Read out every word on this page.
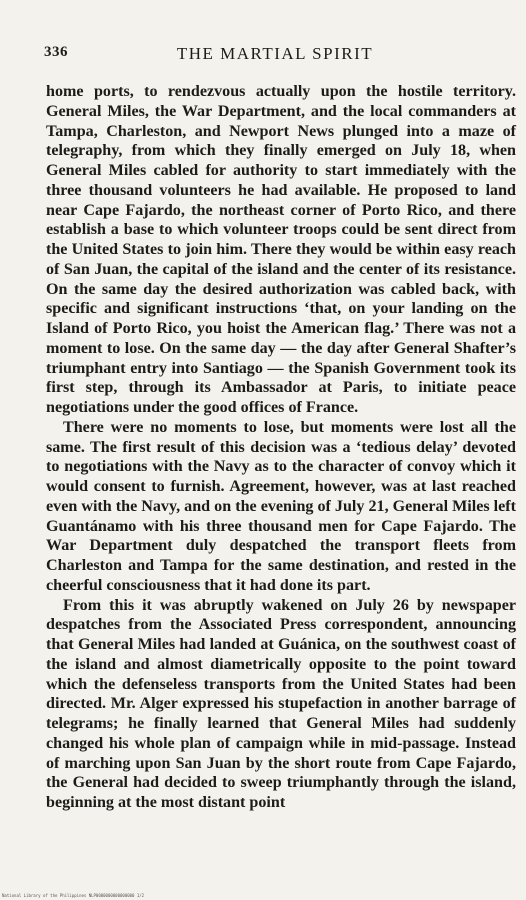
336	THE MARTIAL SPIRIT

home ports, to rendezvous actually upon the hostile territory. General Miles, the War Department, and the local commanders at Tampa, Charleston, and Newport News plunged into a maze of telegraphy, from which they finally emerged on July 18, when General Miles cabled for authority to start immediately with the three thousand volunteers he had available. He proposed to land near Cape Fajardo, the northeast corner of Porto Rico, and there establish a base to which volunteer troops could be sent direct from the United States to join him. There they would be within easy reach of San Juan, the capital of the island and the center of its resistance. On the same day the desired authorization was cabled back, with specific and significant instructions ‘that, on your landing on the Island of Porto Rico, you hoist the American flag.’ There was not a moment to lose. On the same day — the day after General Shafter’s triumphant entry into Santiago — the Spanish Government took its first step, through its Ambassador at Paris, to initiate peace negotiations under the good offices of France.

There were no moments to lose, but moments were lost all the same. The first result of this decision was a ‘tedious delay’ devoted to negotiations with the Navy as to the character of convoy which it would consent to furnish. Agreement, however, was at last reached even with the Navy, and on the evening of July 21, General Miles left Guantánamo with his three thousand men for Cape Fajardo. The War Department duly despatched the transport fleets from Charleston and Tampa for the same destination, and rested in the cheerful consciousness that it had done its part.

From this it was abruptly wakened on July 26 by newspaper despatches from the Associated Press correspondent, announcing that General Miles had landed at Guánica, on the southwest coast of the island and almost diametrically opposite to the point toward which the defenseless transports from the United States had been directed. Mr. Alger expressed his stupefaction in another barrage of telegrams; he finally learned that General Miles had suddenly changed his whole plan of campaign while in mid-passage. Instead of marching upon San Juan by the short route from Cape Fajardo, the General had decided to sweep triumphantly through the island, beginning at the most distant point

National Library of the Philippines NLP0000000000000000 1/2
